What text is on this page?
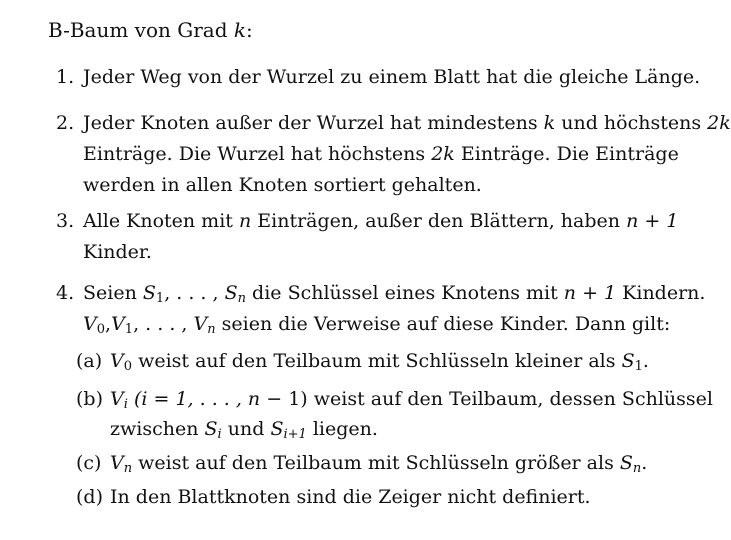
B-Baum von Grad k:
1. Jeder Weg von der Wurzel zu einem Blatt hat die gleiche Länge.
2. Jeder Knoten außer der Wurzel hat mindestens k und höchstens 2k
Einträge. Die Wurzel hat höchstens 2k Einträge. Die Einträge
werden in allen Knoten sortiert gehalten.
3. Alle Knoten mit n Einträgen, außer den Blättern, haben n + 1
Kinder.
4. Seien $S_1$, . . . , $S_n$ die Schlüssel eines Knotens mit n + 1 Kindern.
$V_0,V_1$, . . . , $V_n$ seien die Verweise auf diese Kinder. Dann gilt:
(a) $V_0$ weist auf den Teilbaum mit Schlüsseln kleiner als $S_1$.
(b) $V_i$ (i = 1, . . . , n − 1) weist auf den Teilbaum, dessen Schlüssel
zwischen $S_i$ und $S_{i+1}$ liegen.
(c) $V_n$ weist auf den Teilbaum mit Schlüsseln größer als $S_n$.
(d) In den Blattknoten sind die Zeiger nicht definiert.
